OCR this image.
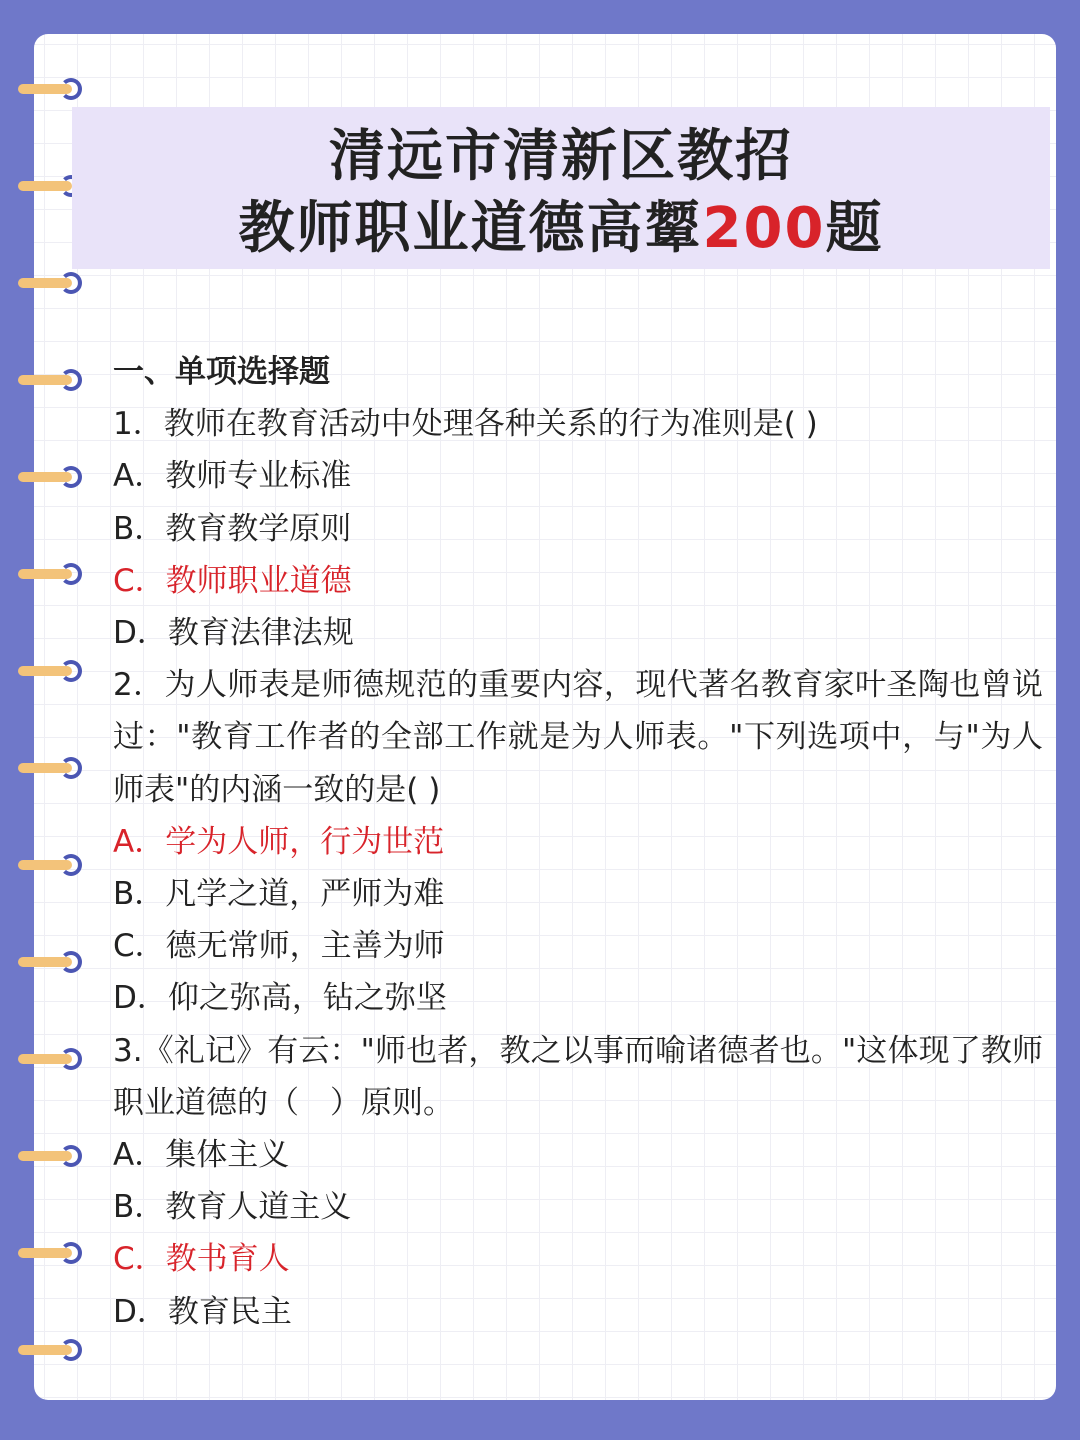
清远市清新区教招
教师职业道德高颦200题

一、单项选择题

1．教师在教育活动中处理各种关系的行为准则是( )

A．教师专业标准

B．教育教学原则

C．教师职业道德

D．教育法律法规

2．为人师表是师德规范的重要内容，现代著名教育家叶圣陶也曾说过："教育工作者的全部工作就是为人师表。"下列选项中，与"为人师表"的内涵一致的是( )

A．学为人师，行为世范

B．凡学之道，严师为难

C．德无常师，主善为师

D．仰之弥高，钻之弥坚

3.《礼记》有云："师也者，教之以事而喻诸德者也。"这体现了教师职业道德的（　）原则。

A．集体主义

B．教育人道主义

C．教书育人

D．教育民主
